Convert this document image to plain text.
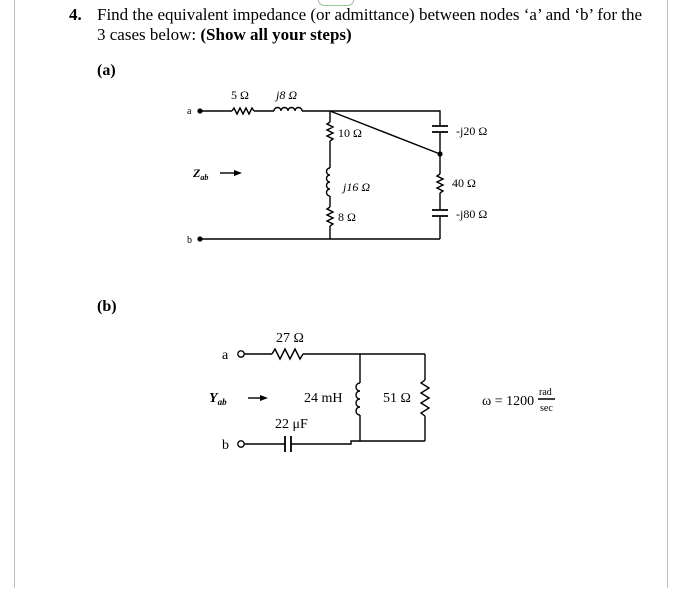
4. Find the equivalent impedance (or admittance) between nodes ‘a’ and ‘b’ for the
3 cases below: (Show all your steps)
(a)
(b)
a
5 Ω j8 Ω
-j20 Ω
10 Ω
j16 Ω
8 Ω
40 Ω
-j80 Ω
b
$Z_{ab}$
a
27 Ω
24 mH	51 Ω
b
22 μF
$Y_{ab}$	ω = 1200
rad
sec
